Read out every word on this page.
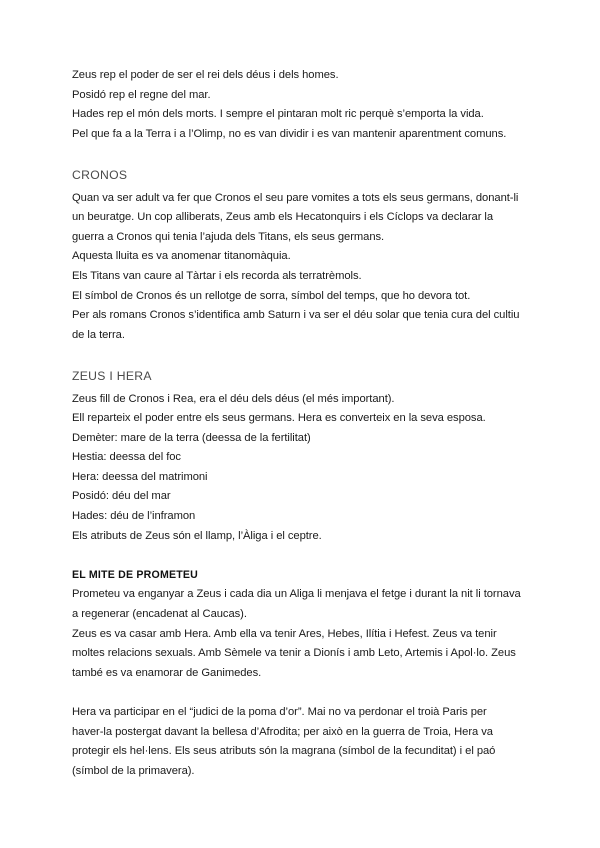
Zeus rep el poder de ser el rei dels déus i dels homes.
Posidó rep el regne del mar.
Hades rep el món dels morts. I sempre el pintaran molt ric perquè s’emporta la vida.
Pel que fa a la Terra i a l’Olimp, no es van dividir i es van mantenir aparentment comuns.
CRONOS
Quan va ser adult va fer que Cronos el seu pare vomites a tots els seus germans, donant-li
un beuratge. Un cop alliberats, Zeus amb els Hecatonquirs i els Cíclops va declarar la
guerra a Cronos qui tenia l’ajuda dels Titans, els seus germans.
Aquesta lluita es va anomenar titanomàquia.
Els Titans van caure al Tàrtar i els recorda als terratrèmols.
El símbol de Cronos és un rellotge de sorra, símbol del temps, que ho devora tot.
Per als romans Cronos s’identifica amb Saturn i va ser el déu solar que tenia cura del cultiu
de la terra.
ZEUS I HERA
Zeus fill de Cronos i Rea, era el déu dels déus (el més important).
Ell reparteix el poder entre els seus germans. Hera es converteix en la seva esposa.
Demèter: mare de la terra (deessa de la fertilitat)
Hestia: deessa del foc
Hera: deessa del matrimoni
Posidó: déu del mar
Hades: déu de l’inframon
Els atributs de Zeus són el llamp, l’Àliga i el ceptre.
EL MITE DE PROMETEU
Prometeu va enganyar a Zeus i cada dia un Aliga li menjava el fetge i durant la nit li tornava
a regenerar (encadenat al Caucas).
Zeus es va casar amb Hera. Amb ella va tenir Ares, Hebes, Ilítia i Hefest. Zeus va tenir
moltes relacions sexuals. Amb Sèmele va tenir a Dionís i amb Leto, Artemis i Apol·lo. Zeus
també es va enamorar de Ganimedes.
Hera va participar en el “judici de la poma d’or”. Mai no va perdonar el troià Paris per
haver-la postergat davant la bellesa d’Afrodita; per això en la guerra de Troia, Hera va
protegir els hel·lens. Els seus atributs són la magrana (símbol de la fecunditat) i el paó
(símbol de la primavera).
